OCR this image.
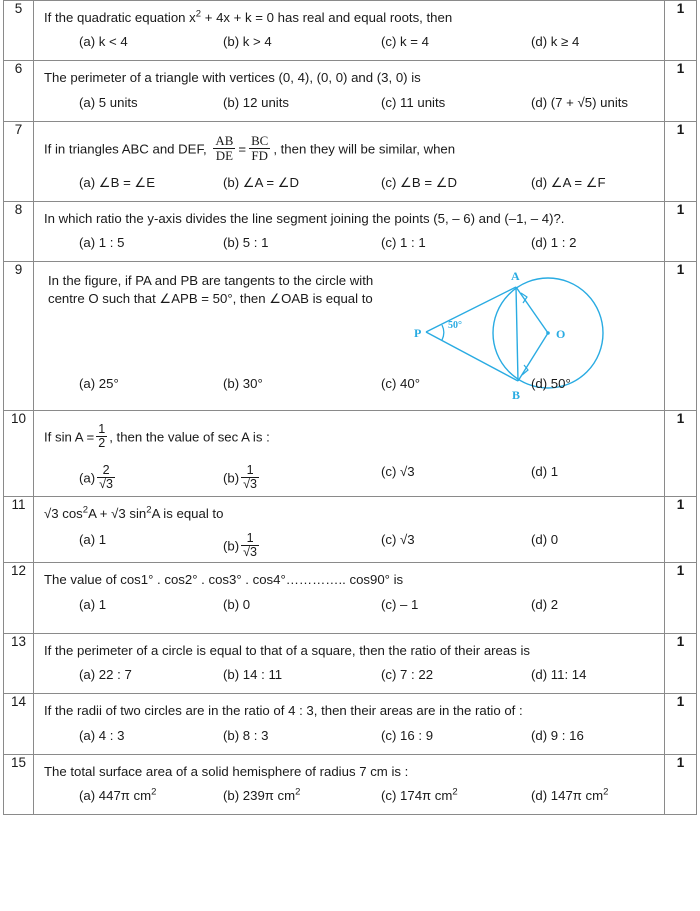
5	If the quadratic equation $x^2 + 4x + k = 0$ has real and equal roots, then
(a) k < 4 (b) k > 4 (c) k = 4 (d) k ≥ 4	1
6	The perimeter of a triangle with vertices (0, 4), (0, 0) and (3, 0) is
(a) 5 units (b) 12 units (c) 11 units (d) (7 + √5) units	1
7	
If in triangles ABC and DEF, $\frac{AB}{DE} = \frac{BC}{FD}$ , then they will be similar, when
(a) ∠B = ∠E	(b) ∠A = ∠D	(c) ∠B = ∠D	(d) ∠A = ∠F
	1
8	In which ratio the y-axis divides the line segment joining the points (5, – 6) and (–1, – 4)?.
(a) 1 : 5 (b) 5 : 1 (c) 1 : 1 (d) 1 : 2	1
9	
In the figure, if PA and PB are tangents to the circle with centre O such that ∠APB = 50°, then ∠OAB is equal to
A
B
O
P
50°
(a) 25°	(b) 30°	(c) 40°	(d) 50°
	1
10	
If $\sin A = \frac{1}{2}$ , then the value of sec A is :
$(a) \frac{2}{√3}$	$(b) \frac{1}{√3}$	(c) √3	(d) 1
	1
11	
√3 $\cos^2A + √3$ $\sin^2A$ is equal to
(a) 1	$(b) \frac{1}{√3}$	(c) √3	(d) 0
	1
12	The value of cos1° . cos2° . cos3° . cos4°………….. cos90° is
(a) 1 (b) 0 (c) – 1 (d) 2	1
13	If the perimeter of a circle is equal to that of a square, then the ratio of their areas is
(a) 22 : 7 (b) 14 : 11 (c) 7 : 22 (d) 11: 14	1
14	If the radii of two circles are in the ratio of 4 : 3, then their areas are in the ratio of :
(a) 4 : 3 (b) 8 : 3 (c) 16 : 9 (d) 9 : 16	1
15	The total surface area of a solid hemisphere of radius 7 cm is :
(a) 447π $cm^2$ (b) 239π $cm^2$ (c) 174π $cm^2$ (d) 147π $cm^2$	1
